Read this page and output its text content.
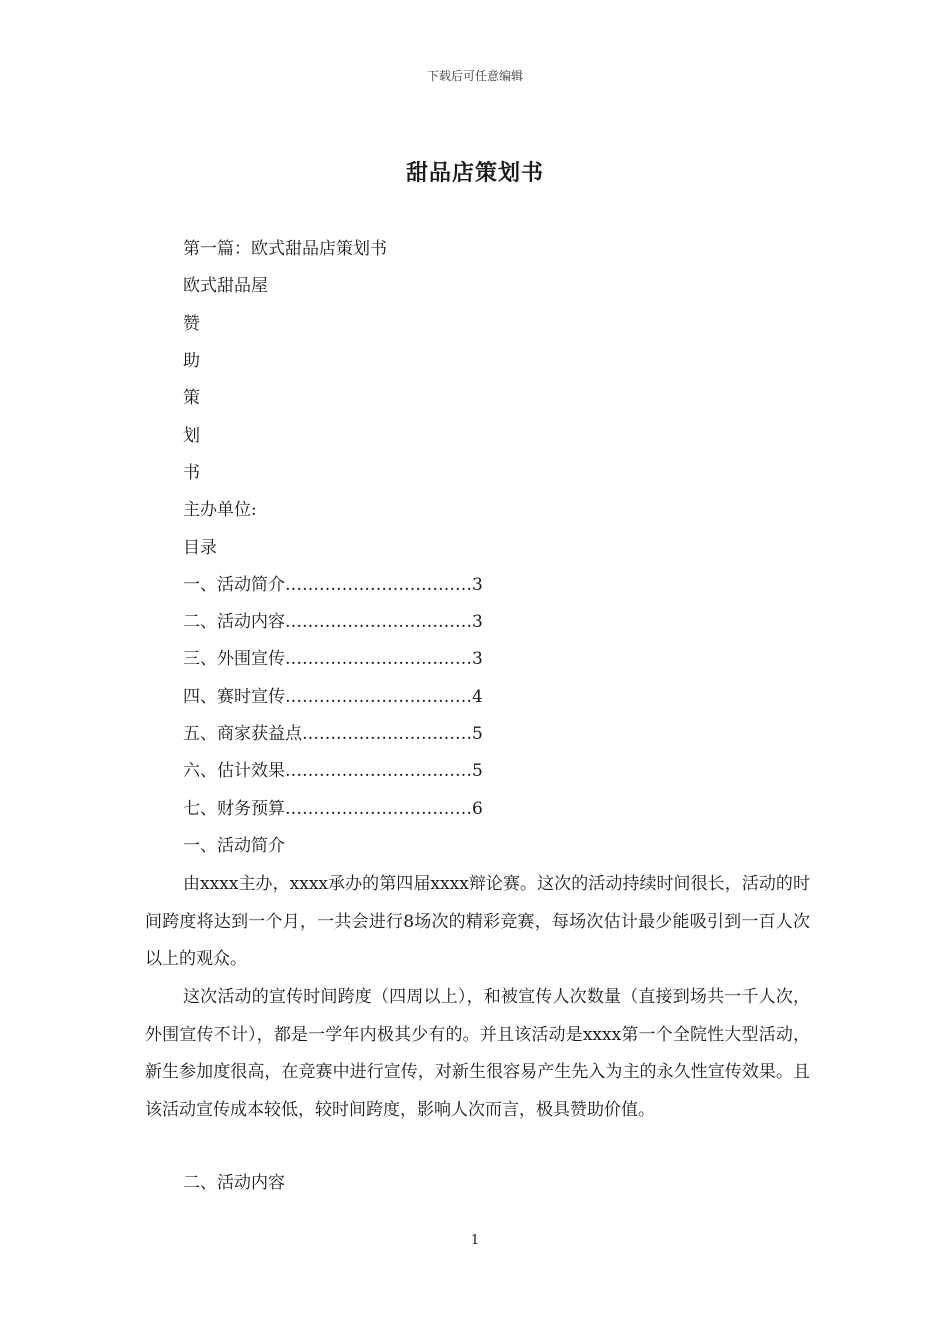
下载后可任意编辑
甜品店策划书
第一篇：欧式甜品店策划书
欧式甜品屋
赞
助
策
划
书
主办单位:
目录
一、活动简介……………………………3
二、活动内容……………………………3
三、外围宣传……………………………3
四、赛时宣传……………………………4
五、商家获益点…………………………5
六、估计效果……………………………5
七、财务预算……………………………6
一、活动简介
由xxxx主办，xxxx承办的第四届xxxx辩论赛。这次的活动持续时间很长，活动的时间跨度将达到一个月，一共会进行8场次的精彩竞赛，每场次估计最少能吸引到一百人次以上的观众。
这次活动的宣传时间跨度（四周以上），和被宣传人次数量（直接到场共一千人次，外围宣传不计），都是一学年内极其少有的。并且该活动是xxxx第一个全院性大型活动，新生参加度很高，在竞赛中进行宣传，对新生很容易产生先入为主的永久性宣传效果。且该活动宣传成本较低，较时间跨度，影响人次而言，极具赞助价值。
二、活动内容
1
